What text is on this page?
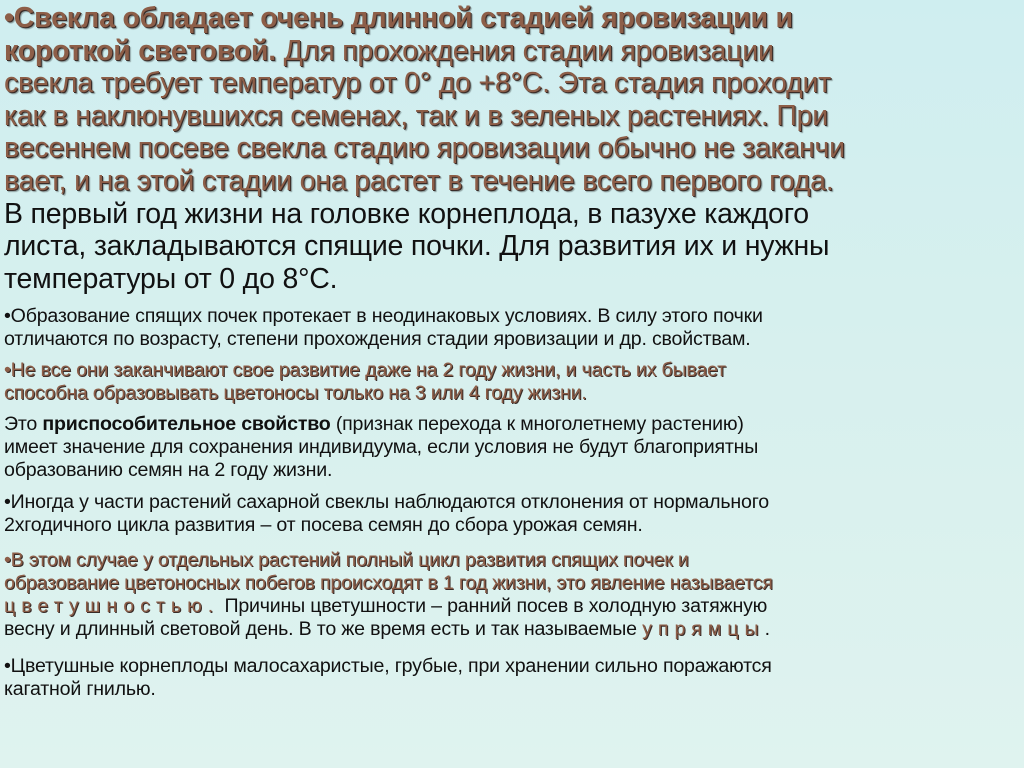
•Свекла обладает очень длинной стадией яровизации и
короткой световой. Для прохождения стадии яровизации
свекла требует температур от 0° до +8°С. Эта стадия проходит
как в наклюнувшихся семенах, так и в зеленых растениях. При
весеннем посеве свекла стадию яровизации обычно не заканчи
вает, и на этой стадии она растет в течение всего первого года.
В первый год жизни на головке корнеплода, в пазухе каждого
листа, закладываются спящие почки. Для развития их и нужны
температуры от 0 до 8°С.
•Образование спящих почек протекает в неодинаковых условиях. В силу этого почки
отличаются по возрасту, степени прохождения стадии яровизации и др. свойствам.
•Не все они заканчивают свое развитие даже на 2 году жизни, и часть их бывает
способна образовывать цветоносы только на 3 или 4 году жизни.
Это приспособительное свойство (признак перехода к многолетнему растению)
имеет значение для сохранения индивидуума, если условия не будут благоприятны
образованию семян на 2 году жизни.
•Иногда у части растений сахарной свеклы наблюдаются отклонения от нормального
2хгодичного цикла развития – от посева семян до сбора урожая семян.
•В этом случае у отдельных растений полный цикл развития спящих почек и
образование цветоносных побегов происходят в 1 год жизни, это явление называется
цветушностью. Причины цветушности – ранний посев в холодную затяжную
весну и длинный световой день. В то же время есть и так называемые упрямцы.
•Цветушные корнеплоды малосахаристые, грубые, при хранении сильно поражаются
кагатной гнилью.
